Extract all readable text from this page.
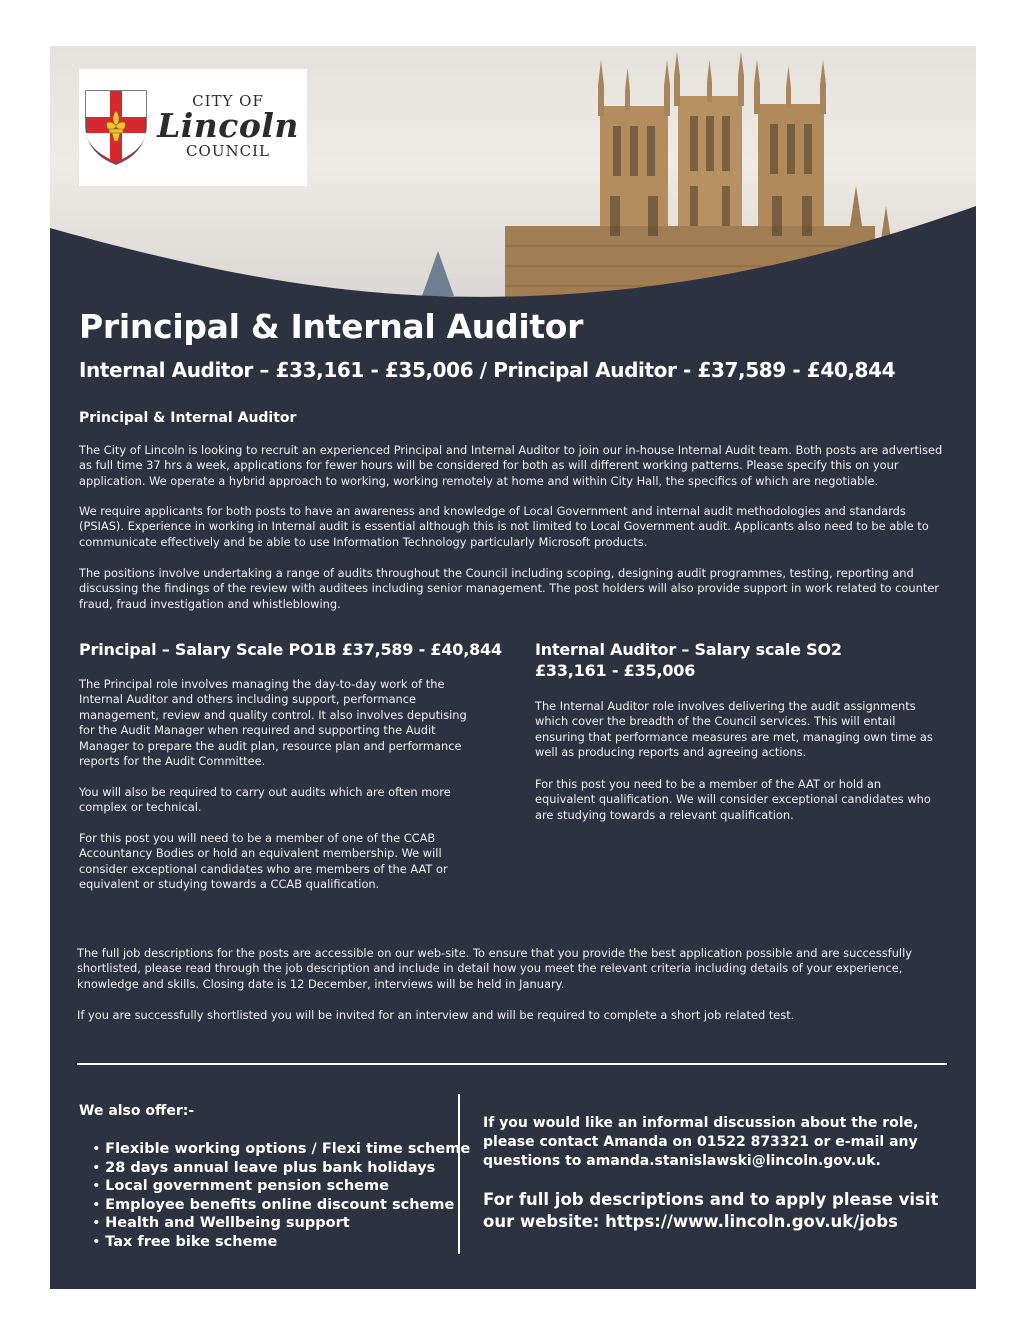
CITY OF
Lincoln
COUNCIL
Principal & Internal Auditor
Internal Auditor – £33,161 - £35,006 / Principal Auditor - £37,589 - £40,844
Principal & Internal Auditor

The City of Lincoln is looking to recruit an experienced Principal and Internal Auditor to join our in-house Internal Audit team. Both posts are advertised as full time 37 hrs a week, applications for fewer hours will be considered for both as will different working patterns. Please specify this on your application. We operate a hybrid approach to working, working remotely at home and within City Hall, the specifics of which are negotiable.

We require applicants for both posts to have an awareness and knowledge of Local Government and internal audit methodologies and standards (PSIAS). Experience in working in Internal audit is essential although this is not limited to Local Government audit. Applicants also need to be able to communicate effectively and be able to use Information Technology particularly Microsoft products.

The positions involve undertaking a range of audits throughout the Council including scoping, designing audit programmes, testing, reporting and discussing the findings of the review with auditees including senior management. The post holders will also provide support in work related to counter fraud, fraud investigation and whistleblowing.

Principal – Salary Scale PO1B £37,589 - £40,844

The Principal role involves managing the day-to-day work of the Internal Auditor and others including support, performance management, review and quality control. It also involves deputising for the Audit Manager when required and supporting the Audit Manager to prepare the audit plan, resource plan and performance reports for the Audit Committee.

You will also be required to carry out audits which are often more complex or technical.

For this post you will need to be a member of one of the CCAB Accountancy Bodies or hold an equivalent membership. We will consider exceptional candidates who are members of the AAT or equivalent or studying towards a CCAB qualification.

Internal Auditor – Salary scale SO2
£33,161 - £35,006

The Internal Auditor role involves delivering the audit assignments which cover the breadth of the Council services. This will entail ensuring that performance measures are met, managing own time as well as producing reports and agreeing actions.

For this post you need to be a member of the AAT or hold an equivalent qualification. We will consider exceptional candidates who are studying towards a relevant qualification.

The full job descriptions for the posts are accessible on our web-site. To ensure that you provide the best application possible and are successfully shortlisted, please read through the job description and include in detail how you meet the relevant criteria including details of your experience, knowledge and skills. Closing date is 12 December, interviews will be held in January.

If you are successfully shortlisted you will be invited for an interview and will be required to complete a short job related test.

We also offer:-
• Flexible working options / Flexi time scheme
• 28 days annual leave plus bank holidays
• Local government pension scheme
• Employee benefits online discount scheme
• Health and Wellbeing support
• Tax free bike scheme

If you would like an informal discussion about the role, please contact Amanda on 01522 873321 or e-mail any questions to amanda.stanislawski@lincoln.gov.uk.

For full job descriptions and to apply please visit our website: https://www.lincoln.gov.uk/jobs
